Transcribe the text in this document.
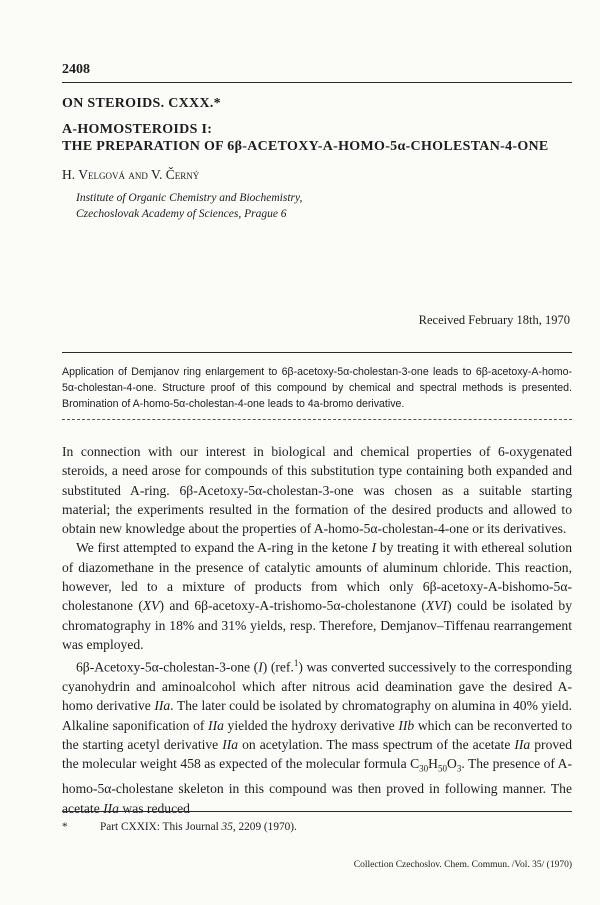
2408
ON STEROIDS. CXXX.*
A-HOMOSTEROIDS I:
THE PREPARATION OF 6β-ACETOXY-A-HOMO-5α-CHOLESTAN-4-ONE
H. Velgová and V. Černý
Institute of Organic Chemistry and Biochemistry,
Czechoslovak Academy of Sciences, Prague 6
Received February 18th, 1970
Application of Demjanov ring enlargement to 6β-acetoxy-5α-cholestan-3-one leads to 6β-acetoxy-A-homo-5α-cholestan-4-one. Structure proof of this compound by chemical and spectral methods is presented. Bromination of A-homo-5α-cholestan-4-one leads to 4a-bromo derivative.

In connection with our interest in biological and chemical properties of 6-oxygenated steroids, a need arose for compounds of this substitution type containing both expanded and substituted A-ring. 6β-Acetoxy-5α-cholestan-3-one was chosen as a suitable starting material; the experiments resulted in the formation of the desired products and allowed to obtain new knowledge about the properties of A-homo-5α-cholestan-4-one or its derivatives.

We first attempted to expand the A-ring in the ketone I by treating it with ethereal solution of diazomethane in the presence of catalytic amounts of aluminum chloride. This reaction, however, led to a mixture of products from which only 6β-acetoxy-A-bishomo-5α-cholestanone (XV) and 6β-acetoxy-A-trishomo-5α-cholestanone (XVI) could be isolated by chromatography in 18% and 31% yields, resp. Therefore, Demjanov–Tiffenau rearrangement was employed.

6β-Acetoxy-5α-cholestan-3-one (I) (ref.$^1$) was converted successively to the corresponding cyanohydrin and aminoalcohol which after nitrous acid deamination gave the desired A-homo derivative IIa. The later could be isolated by chromatography on alumina in 40% yield. Alkaline saponification of IIa yielded the hydroxy derivative IIb which can be reconverted to the starting acetyl derivative IIa on acetylation. The mass spectrum of the acetate IIa proved the molecular weight 458 as expected of the molecular formula $C_{30}H_{50}O_3$. The presence of A-homo-5α-cholestane skeleton in this compound was then proved in following manner. The acetate IIa was reduced

*	Part CXXIX: This Journal 35, 2209 (1970).
Collection Czechoslov. Chem. Commun. /Vol. 35/ (1970)
